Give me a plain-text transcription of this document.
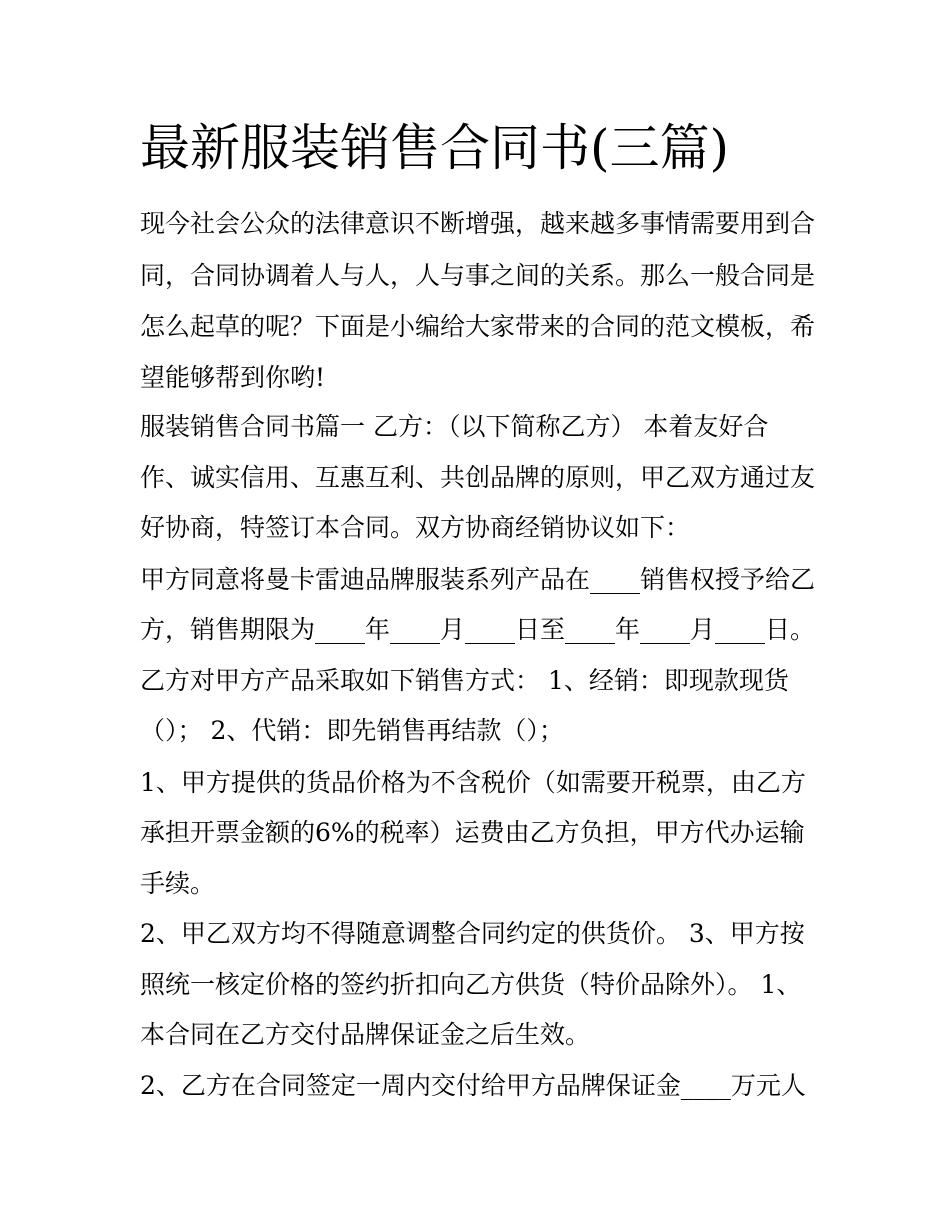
最新服装销售合同书(三篇)

现今社会公众的法律意识不断增强，越来越多事情需要用到合

同，合同协调着人与人，人与事之间的关系。那么一般合同是

怎么起草的呢？下面是小编给大家带来的合同的范文模板，希

望能够帮到你哟!

服装销售合同书篇一 乙方：（以下简称乙方） 本着友好合

作、诚实信用、互惠互利、共创品牌的原则，甲乙双方通过友

好协商，特签订本合同。双方协商经销协议如下：

甲方同意将曼卡雷迪品牌服装系列产品在____销售权授予给乙

方，销售期限为____年____月____日至____年____月____日。

乙方对甲方产品采取如下销售方式： 1、经销：即现款现货

（）； 2、代销：即先销售再结款（）；

1、甲方提供的货品价格为不含税价（如需要开税票，由乙方

承担开票金额的6%的税率）运费由乙方负担，甲方代办运输

手续。

2、甲乙双方均不得随意调整合同约定的供货价。 3、甲方按

照统一核定价格的签约折扣向乙方供货（特价品除外）。 1、

本合同在乙方交付品牌保证金之后生效。

2、乙方在合同签定一周内交付给甲方品牌保证金____万元人
